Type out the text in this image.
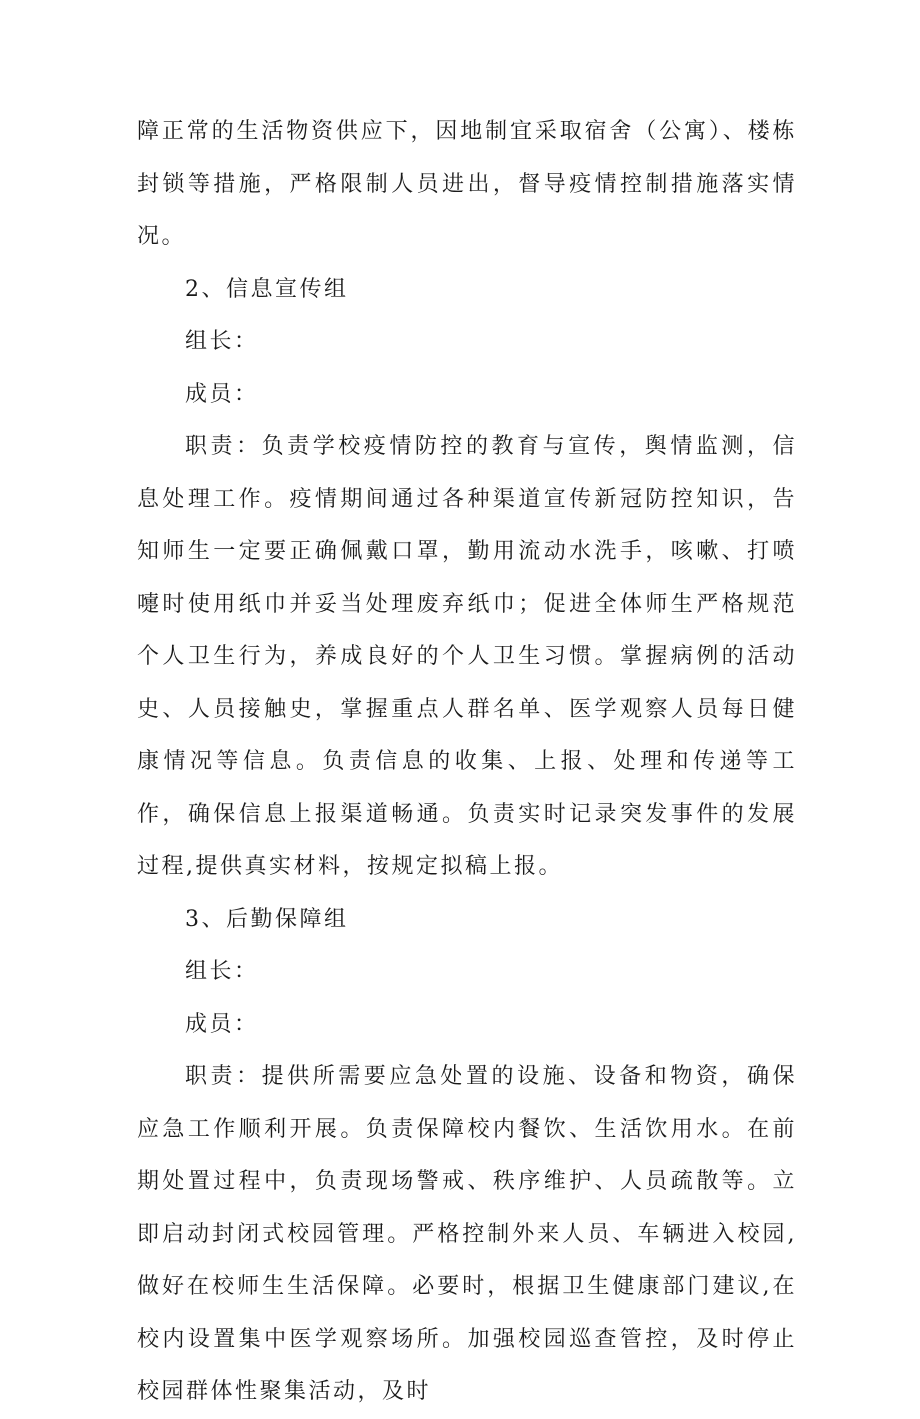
障正常的生活物资供应下，因地制宜采取宿舍（公寓）、楼栋封锁等措施，严格限制人员进出，督导疫情控制措施落实情况。

2、信息宣传组

组长：

成员：

职责：负责学校疫情防控的教育与宣传，舆情监测，信息处理工作。疫情期间通过各种渠道宣传新冠防控知识，告知师生一定要正确佩戴口罩，勤用流动水洗手，咳嗽、打喷嚏时使用纸巾并妥当处理废弃纸巾；促进全体师生严格规范个人卫生行为，养成良好的个人卫生习惯。掌握病例的活动史、人员接触史，掌握重点人群名单、医学观察人员每日健康情况等信息。负责信息的收集、上报、处理和传递等工作，确保信息上报渠道畅通。负责实时记录突发事件的发展过程,提供真实材料，按规定拟稿上报。

3、后勤保障组

组长：

成员：

职责：提供所需要应急处置的设施、设备和物资，确保应急工作顺利开展。负责保障校内餐饮、生活饮用水。在前期处置过程中，负责现场警戒、秩序维护、人员疏散等。立即启动封闭式校园管理。严格控制外来人员、车辆进入校园,做好在校师生生活保障。必要时，根据卫生健康部门建议,在校内设置集中医学观察场所。加强校园巡查管控，及时停止校园群体性聚集活动，及时
